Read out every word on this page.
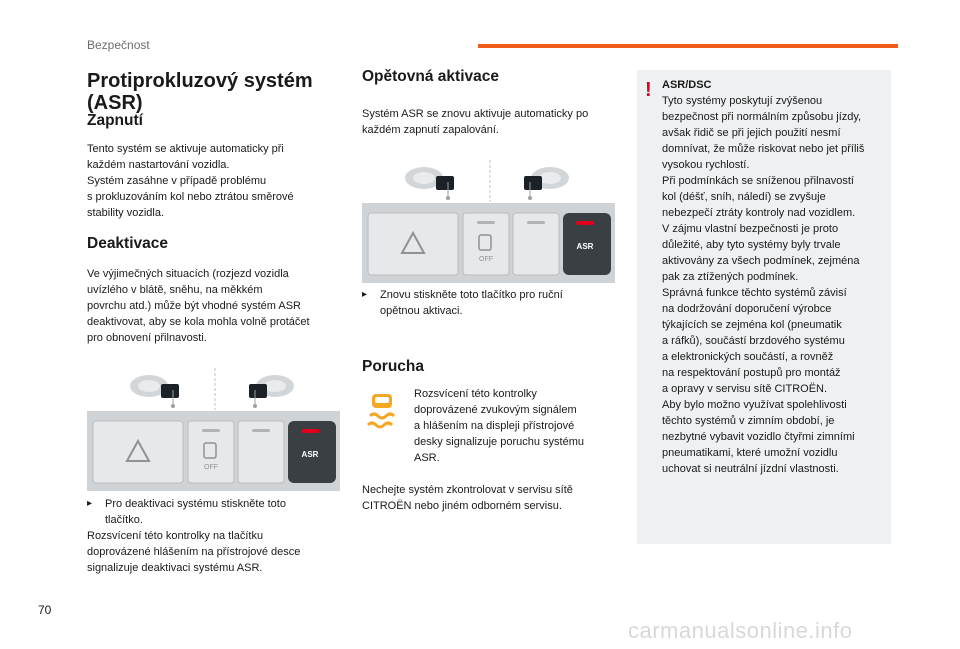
Bezpečnost
Protiprokluzový systém (ASR)
Zapnutí

Tento systém se aktivuje automaticky při

každém nastartování vozidla.

Systém zasáhne v případě problému

s prokluzováním kol nebo ztrátou směrové

stability vozidla.

Deaktivace

Ve výjimečných situacích (rozjezd vozidla

uvízlého v blátě, sněhu, na měkkém

povrchu atd.) může být vhodné systém ASR

deaktivovat, aby se kola mohla volně protáčet

pro obnovení přilnavosti.

OFF
ASR
▸	Pro deaktivaci systému stiskněte toto

tlačítko.

Rozsvícení této kontrolky na tlačítku

doprovázené hlášením na přístrojové desce

signalizuje deaktivaci systému ASR.

Opětovná aktivace

Systém ASR se znovu aktivuje automaticky po

každém zapnutí zapalování.

OFF
ASR
▸	Znovu stiskněte toto tlačítko pro ruční

opětnou aktivaci.

Porucha

Rozsvícení této kontrolky

doprovázené zvukovým signálem

a hlášením na displeji přístrojové

desky signalizuje poruchu systému

ASR.

Nechejte systém zkontrolovat v servisu sítě

CITROËN nebo jiném odborném servisu.

! ASR/DSC

Tyto systémy poskytují zvýšenou

bezpečnost při normálním způsobu jízdy,

avšak řidič se při jejich použití nesmí

domnívat, že může riskovat nebo jet příliš

vysokou rychlostí.

Při podmínkách se sníženou přilnavostí

kol (déšť, sníh, náledí) se zvyšuje

nebezpečí ztráty kontroly nad vozidlem.

V zájmu vlastní bezpečnosti je proto

důležité, aby tyto systémy byly trvale

aktivovány za všech podmínek, zejména

pak za ztížených podmínek.

Správná funkce těchto systémů závisí

na dodržování doporučení výrobce

týkajících se zejména kol (pneumatik

a ráfků), součástí brzdového systému

a elektronických součástí, a rovněž

na respektování postupů pro montáž

a opravy v servisu sítě CITROËN.

Aby bylo možno využívat spolehlivosti

těchto systémů v zimním období, je

nezbytné vybavit vozidlo čtyřmi zimními

pneumatikami, které umožní vozidlu

uchovat si neutrální jízdní vlastnosti.

70
carmanualsonline.info
